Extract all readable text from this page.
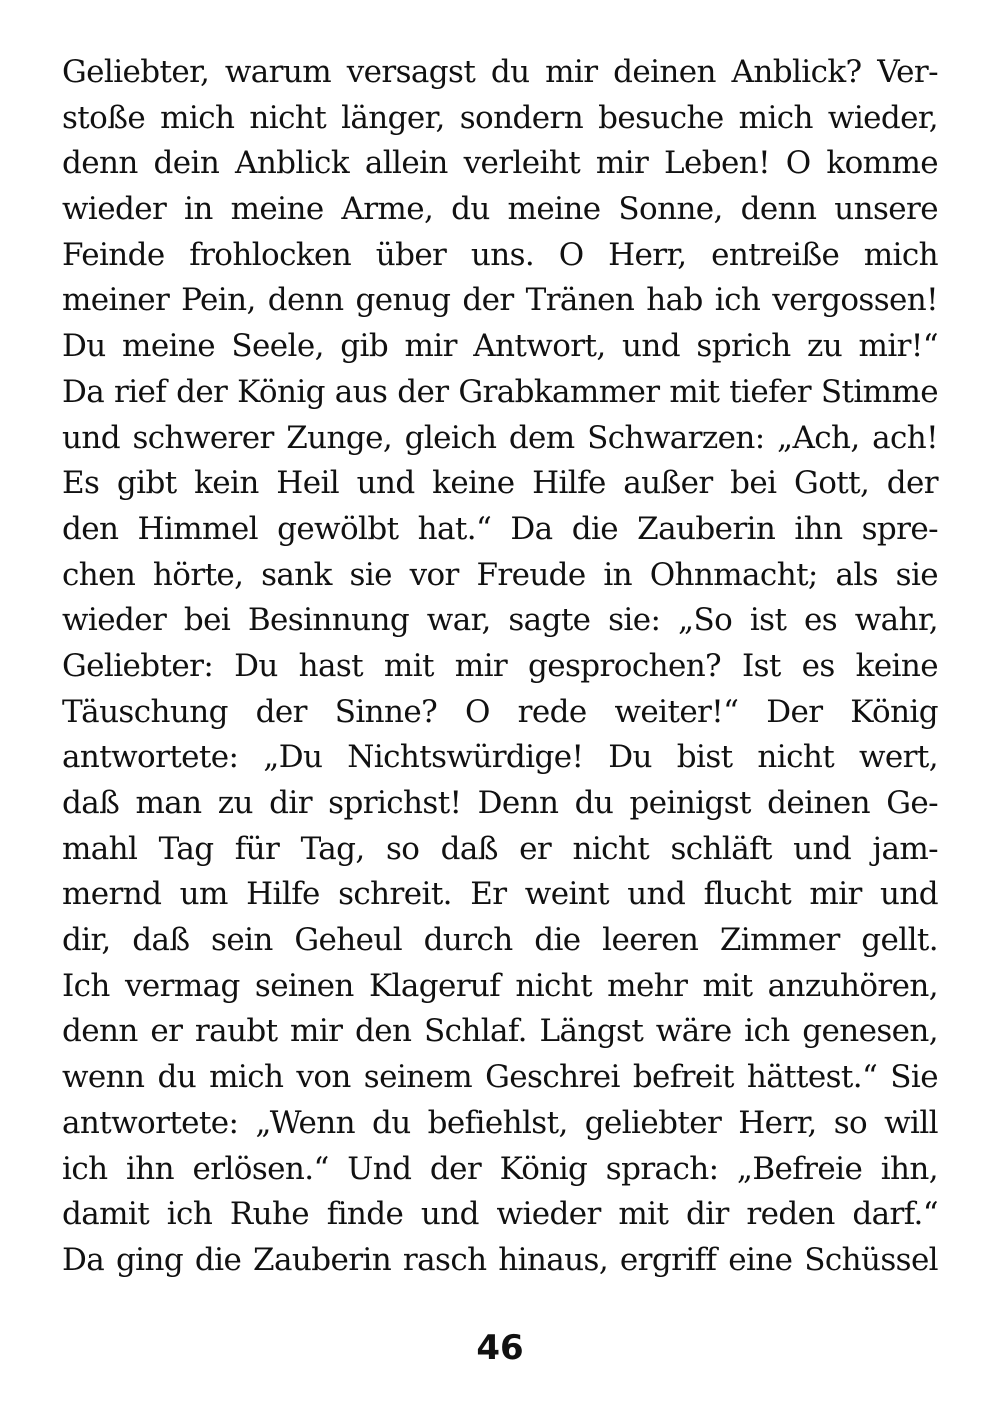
Geliebter, warum versagst du mir deinen Anblick? Ver-
stoße mich nicht länger, sondern besuche mich wieder,
denn dein Anblick allein verleiht mir Leben! O komme
wieder in meine Arme, du meine Sonne, denn unsere
Feinde frohlocken über uns. O Herr, entreiße mich
meiner Pein, denn genug der Tränen hab ich vergossen!
Du meine Seele, gib mir Antwort, und sprich zu mir!“
Da rief der König aus der Grabkammer mit tiefer Stimme
und schwerer Zunge, gleich dem Schwarzen: „Ach, ach!
Es gibt kein Heil und keine Hilfe außer bei Gott, der
den Himmel gewölbt hat.“ Da die Zauberin ihn spre-
chen hörte, sank sie vor Freude in Ohnmacht; als sie
wieder bei Besinnung war, sagte sie: „So ist es wahr,
Geliebter: Du hast mit mir gesprochen? Ist es keine
Täuschung der Sinne? O rede weiter!“ Der König
antwortete: „Du Nichtswürdige! Du bist nicht wert,
daß man zu dir sprichst! Denn du peinigst deinen Ge-
mahl Tag für Tag, so daß er nicht schläft und jam-
mernd um Hilfe schreit. Er weint und flucht mir und
dir, daß sein Geheul durch die leeren Zimmer gellt.
Ich vermag seinen Klageruf nicht mehr mit anzuhören,
denn er raubt mir den Schlaf. Längst wäre ich genesen,
wenn du mich von seinem Geschrei befreit hättest.“ Sie
antwortete: „Wenn du befiehlst, geliebter Herr, so will
ich ihn erlösen.“ Und der König sprach: „Befreie ihn,
damit ich Ruhe finde und wieder mit dir reden darf.“
Da ging die Zauberin rasch hinaus, ergriff eine Schüssel
46
